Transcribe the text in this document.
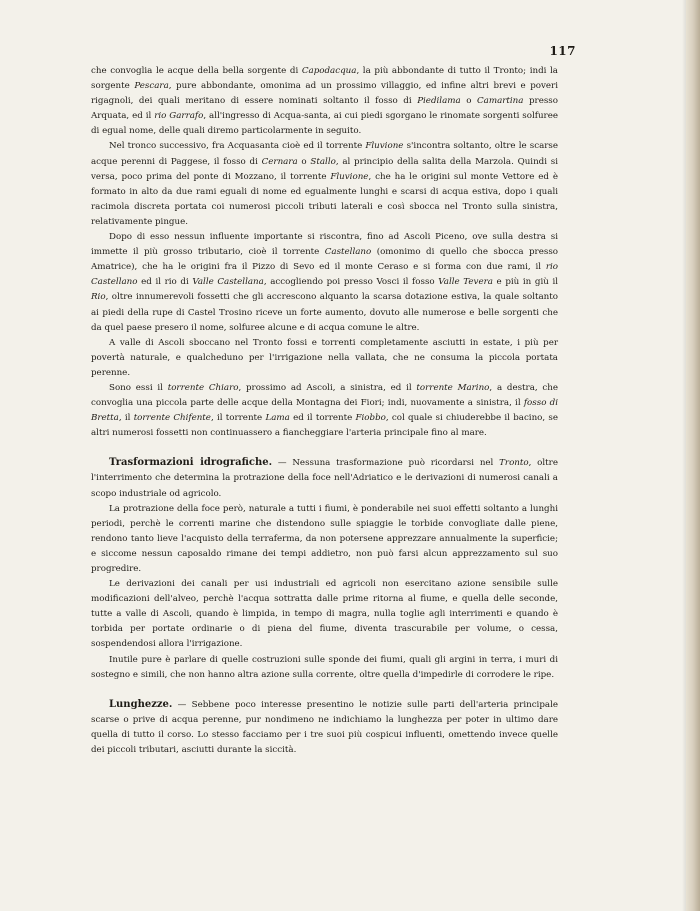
117

che convoglia le acque della bella sorgente di Capodacqua, la più abbondante di tutto il Tronto; indi la sorgente Pescara, pure abbondante, omonima ad un prossimo villaggio, ed infine altri brevi e poveri rigagnoli, dei quali meritano di essere nominati soltanto il fosso di Piedilama o Camartina presso Arquata, ed il rio Garrafo, all'ingresso di Acqua-santa, ai cui piedi sgorgano le rinomate sorgenti solfuree di egual nome, delle quali diremo particolarmente in seguito.

Nel tronco successivo, fra Acquasanta cioè ed il torrente Fluvione s'incontra soltanto, oltre le scarse acque perenni di Paggese, il fosso di Cernara o Stallo, al principio della salita della Marzola. Quindi si versa, poco prima del ponte di Mozzano, il torrente Fluvione, che ha le origini sul monte Vettore ed è formato in alto da due rami eguali di nome ed egualmente lunghi e scarsi di acqua estiva, dopo i quali racimola discreta portata coi numerosi piccoli tributi laterali e così sbocca nel Tronto sulla sinistra, relativamente pingue.

Dopo di esso nessun influente importante si riscontra, fino ad Ascoli Piceno, ove sulla destra si immette il più grosso tributario, cioè il torrente Castellano (omonimo di quello che sbocca presso Amatrice), che ha le origini fra il Pizzo di Sevo ed il monte Ceraso e si forma con due rami, il rio Castellano ed il rio di Valle Castellana, accogliendo poi presso Vosci il fosso Valle Tevera e più in giù il Rio, oltre innumerevoli fossetti che gli accrescono alquanto la scarsa dotazione estiva, la quale soltanto ai piedi della rupe di Castel Trosino riceve un forte aumento, dovuto alle numerose e belle sorgenti che da quel paese presero il nome, solfuree alcune e di acqua comune le altre.

A valle di Ascoli sboccano nel Tronto fossi e torrenti completamente asciutti in estate, i più per povertà naturale, e qualcheduno per l'irrigazione nella vallata, che ne consuma la piccola portata perenne.

Sono essi il torrente Chiaro, prossimo ad Ascoli, a sinistra, ed il torrente Marino, a destra, che convoglia una piccola parte delle acque della Montagna dei Fiori; indi, nuovamente a sinistra, il fosso di Bretta, il torrente Chifente, il torrente Lama ed il torrente Fiobbo, col quale si chiuderebbe il bacino, se altri numerosi fossetti non continuassero a fiancheggiare l'arteria principale fino al mare.

Trasformazioni idrografiche. — Nessuna trasformazione può ricordarsi nel Tronto, oltre l'interrimento che determina la protrazione della foce nell'Adriatico e le derivazioni di numerosi canali a scopo industriale od agricolo.

La protrazione della foce però, naturale a tutti i fiumi, è ponderabile nei suoi effetti soltanto a lunghi periodi, perchè le correnti marine che distendono sulle spiaggie le torbide convogliate dalle piene, rendono tanto lieve l'acquisto della terraferma, da non potersene apprezzare annualmente la superficie; e siccome nessun caposaldo rimane dei tempi addietro, non può farsi alcun apprezzamento sul suo progredire.

Le derivazioni dei canali per usi industriali ed agricoli non esercitano azione sensibile sulle modificazioni dell'alveo, perchè l'acqua sottratta dalle prime ritorna al fiume, e quella delle seconde, tutte a valle di Ascoli, quando è limpida, in tempo di magra, nulla toglie agli interrimenti e quando è torbida per portate ordinarie o di piena del fiume, diventa trascurabile per volume, o cessa, sospendendosi allora l'irrigazione.

Inutile pure è parlare di quelle costruzioni sulle sponde dei fiumi, quali gli argini in terra, i muri di sostegno e simili, che non hanno altra azione sulla corrente, oltre quella d'impedirle di corrodere le ripe.

Lunghezze. — Sebbene poco interesse presentino le notizie sulle parti dell'arteria principale scarse o prive di acqua perenne, pur nondimeno ne indichiamo la lunghezza per poter in ultimo dare quella di tutto il corso. Lo stesso facciamo per i tre suoi più cospicui influenti, omettendo invece quelle dei piccoli tributari, asciutti durante la siccità.
